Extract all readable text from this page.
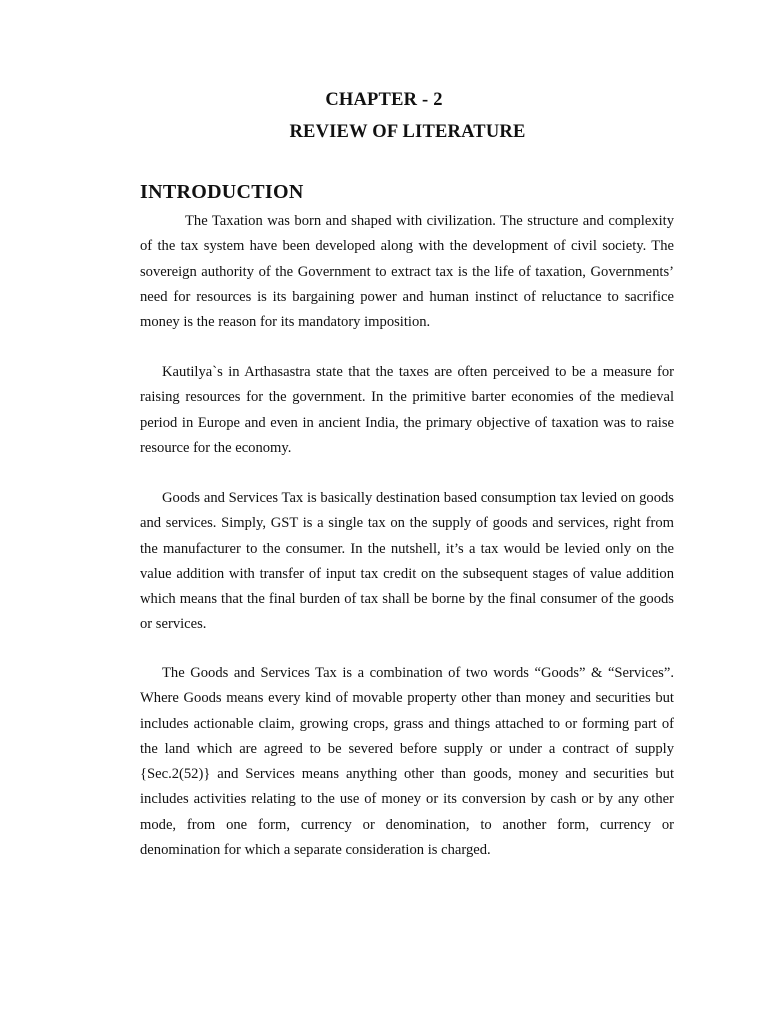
CHAPTER - 2
REVIEW OF LITERATURE
INTRODUCTION

The Taxation was born and shaped with civilization. The structure and complexity of the tax system have been developed along with the development of civil society. The sovereign authority of the Government to extract tax is the life of taxation, Governments’ need for resources is its bargaining power and human instinct of reluctance to sacrifice money is the reason for its mandatory imposition.

Kautilya`s in Arthasastra state that the taxes are often perceived to be a measure for raising resources for the government. In the primitive barter economies of the medieval period in Europe and even in ancient India, the primary objective of taxation was to raise resource for the economy.

Goods and Services Tax is basically destination based consumption tax levied on goods and services. Simply, GST is a single tax on the supply of goods and services, right from the manufacturer to the consumer. In the nutshell, it’s a tax would be levied only on the value addition with transfer of input tax credit on the subsequent stages of value addition which means that the final burden of tax shall be borne by the final consumer of the goods or services.

The Goods and Services Tax is a combination of two words “Goods” & “Services”. Where Goods means every kind of movable property other than money and securities but includes actionable claim, growing crops, grass and things attached to or forming part of the land which are agreed to be severed before supply or under a contract of supply {Sec.2(52)} and Services means anything other than goods, money and securities but includes activities relating to the use of money or its conversion by cash or by any other mode, from one form, currency or denomination, to another form, currency or denomination for which a separate consideration is charged.
